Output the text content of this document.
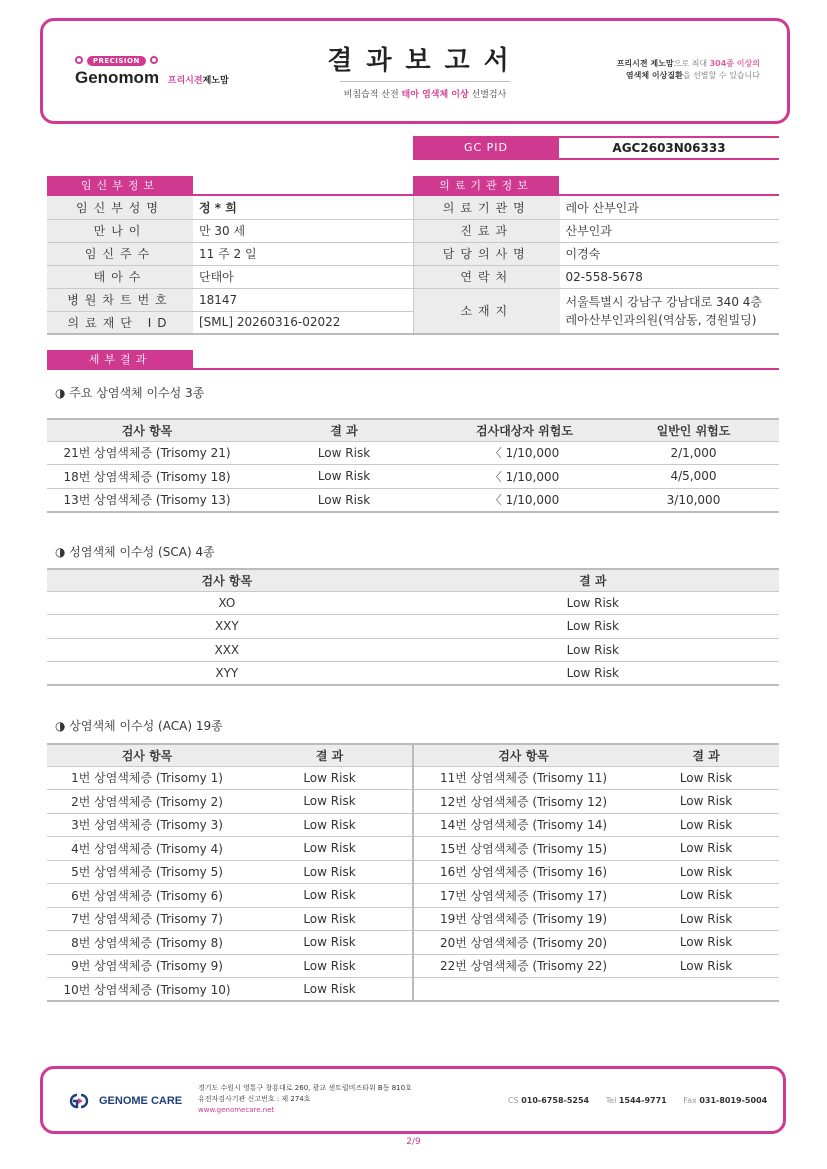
PRECISION
Genomom 프리시젼제노맘
결과보고서
비침습적 산전 태아 염색체 이상 선별검사
프리시젼 제노맘으로 최대 304종 이상의
염색체 이상질환을 선별할 수 있습니다
GC PID	AGC2603N06333
임신부정보	의료기관정보
임신부성명	정 * 희
만나이	만 30 세
임신주수	11 주 2 일
태아수	단태아
병원차트번호	18147
의료재단 ID	[SML] 20260316-02022
의료기관명	레아 산부인과
진료과	산부인과
담당의사명	이경숙
연락처	02-558-5678
소재지	서울특별시 강남구 강남대로 340 4층 레아산부인과의원(역삼동, 경원빌딩)
세부결과
◑ 주요 상염색체 이수성 3종
검사 항목	결 과	검사대상자 위험도	일반인 위험도
21번 상염색체증 (Trisomy 21)	Low Risk	〈 1/10,000	2/1,000
18번 상염색체증 (Trisomy 18)	Low Risk	〈 1/10,000	4/5,000
13번 상염색체증 (Trisomy 13)	Low Risk	〈 1/10,000	3/10,000
◑ 성염색체 이수성 (SCA) 4종
검사 항목	결 과
XO	Low Risk
XXY	Low Risk
XXX	Low Risk
XYY	Low Risk
◑ 상염색체 이수성 (ACA) 19종
검사 항목	결 과	검사 항목	결 과
1번 상염색체증 (Trisomy 1)	Low Risk	11번 상염색체증 (Trisomy 11)	Low Risk
2번 상염색체증 (Trisomy 2)	Low Risk	12번 상염색체증 (Trisomy 12)	Low Risk
3번 상염색체증 (Trisomy 3)	Low Risk	14번 상염색체증 (Trisomy 14)	Low Risk
4번 상염색체증 (Trisomy 4)	Low Risk	15번 상염색체증 (Trisomy 15)	Low Risk
5번 상염색체증 (Trisomy 5)	Low Risk	16번 상염색체증 (Trisomy 16)	Low Risk
6번 상염색체증 (Trisomy 6)	Low Risk	17번 상염색체증 (Trisomy 17)	Low Risk
7번 상염색체증 (Trisomy 7)	Low Risk	19번 상염색체증 (Trisomy 19)	Low Risk
8번 상염색체증 (Trisomy 8)	Low Risk	20번 상염색체증 (Trisomy 20)	Low Risk
9번 상염색체증 (Trisomy 9)	Low Risk	22번 상염색체증 (Trisomy 22)	Low Risk
10번 상염색체증 (Trisomy 10)	Low Risk		
GENOME CARE
경기도 수원시 영통구 창룡대로 260, 광교 센트럴비즈타워 B동 810호
유전자검사기관 신고번호 : 제 274호
www.genomecare.net
CS 010-6758-5254 Tel 1544-9771 Fax 031-8019-5004
2/9
